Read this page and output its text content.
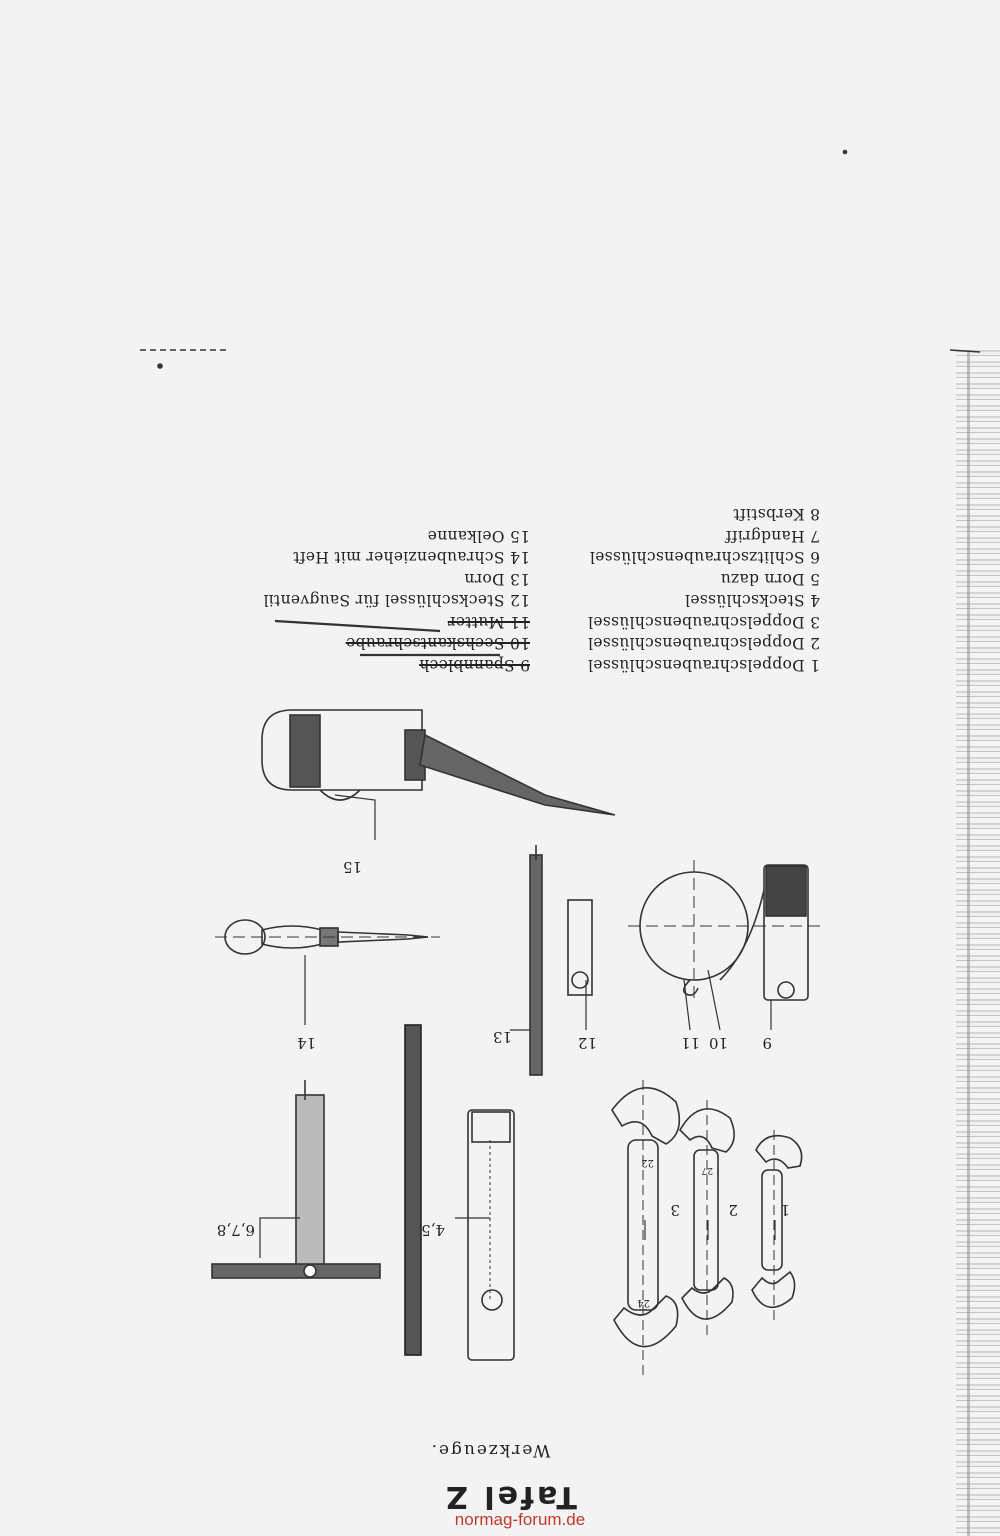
1
2
3
4,5
6,7,8
9
10
11
12
13
14
15
22
27
24
1 Doppelschraubenschlüssel
2 Doppelschraubenschlüssel
3 Doppelschraubenschlüssel
4 Steckschlüssel
5 Dorn dazu
6 Schlitzschraubenschlüssel
7 Handgriff
8 Kerbstift
9 Spannblech
10 Sechskantschraube
11 Mutter
12 Steckschlüssel für Saugventil
13 Dorn
14 Schraubenzieher mit Heft
15 Oelkanne
Werkzeuge.
Tafel Z
normag-forum.de
